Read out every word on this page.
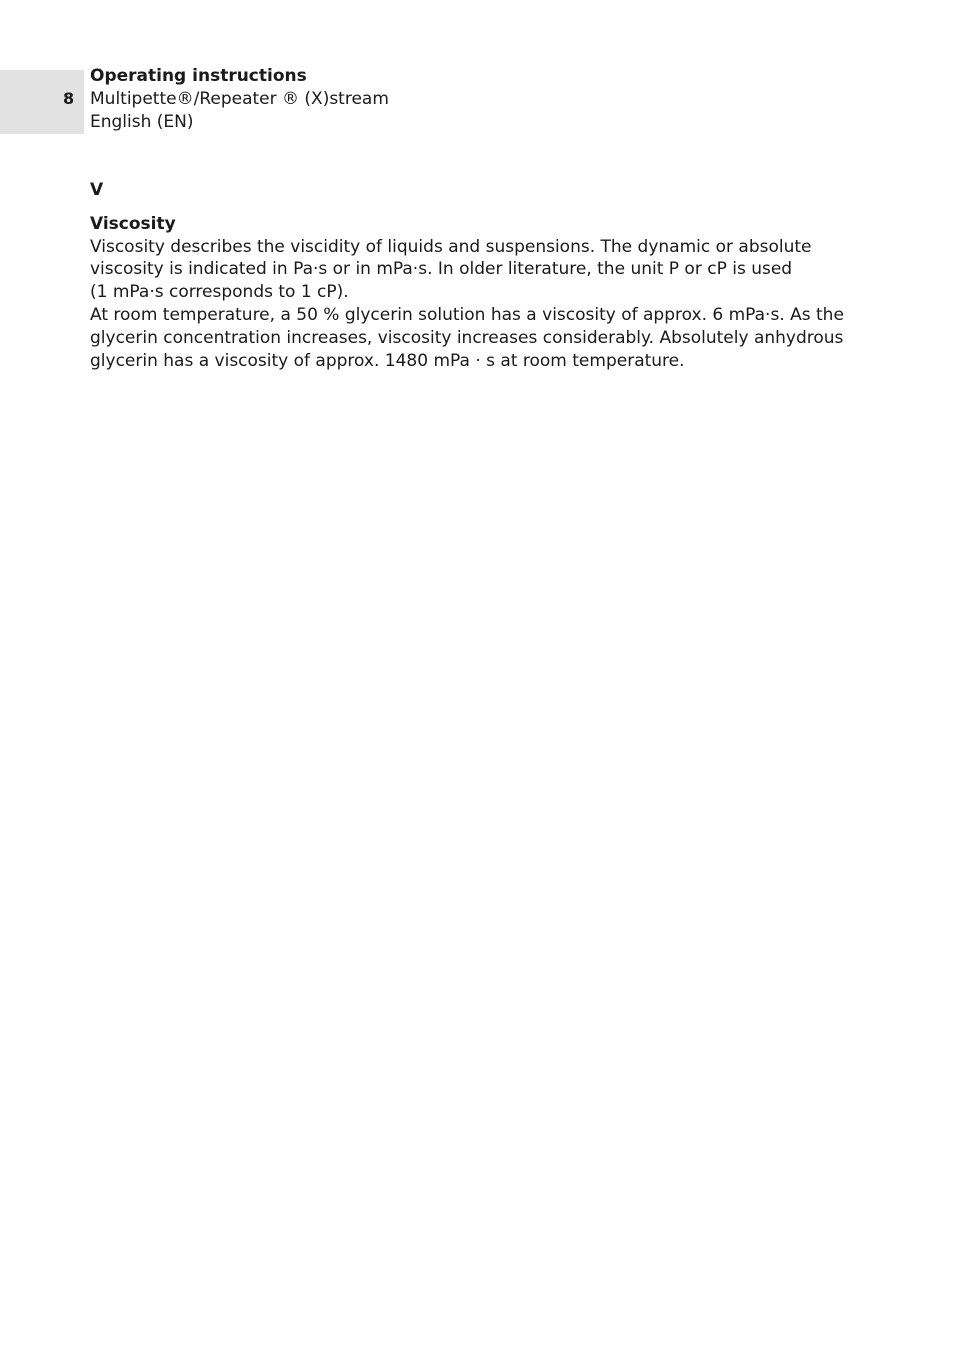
8
Operating instructions
Multipette®/Repeater ® (X)stream
English (EN)
V
Viscosity

Viscosity describes the viscidity of liquids and suspensions. The dynamic or absolute viscosity is indicated in Pa·s or in mPa·s. In older literature, the unit P or cP is used

(1 mPa·s corresponds to 1 cP).

At room temperature, a 50 % glycerin solution has a viscosity of approx. 6 mPa·s. As the glycerin concentration increases, viscosity increases considerably. Absolutely anhydrous glycerin has a viscosity of approx. 1480 mPa · s at room temperature.
